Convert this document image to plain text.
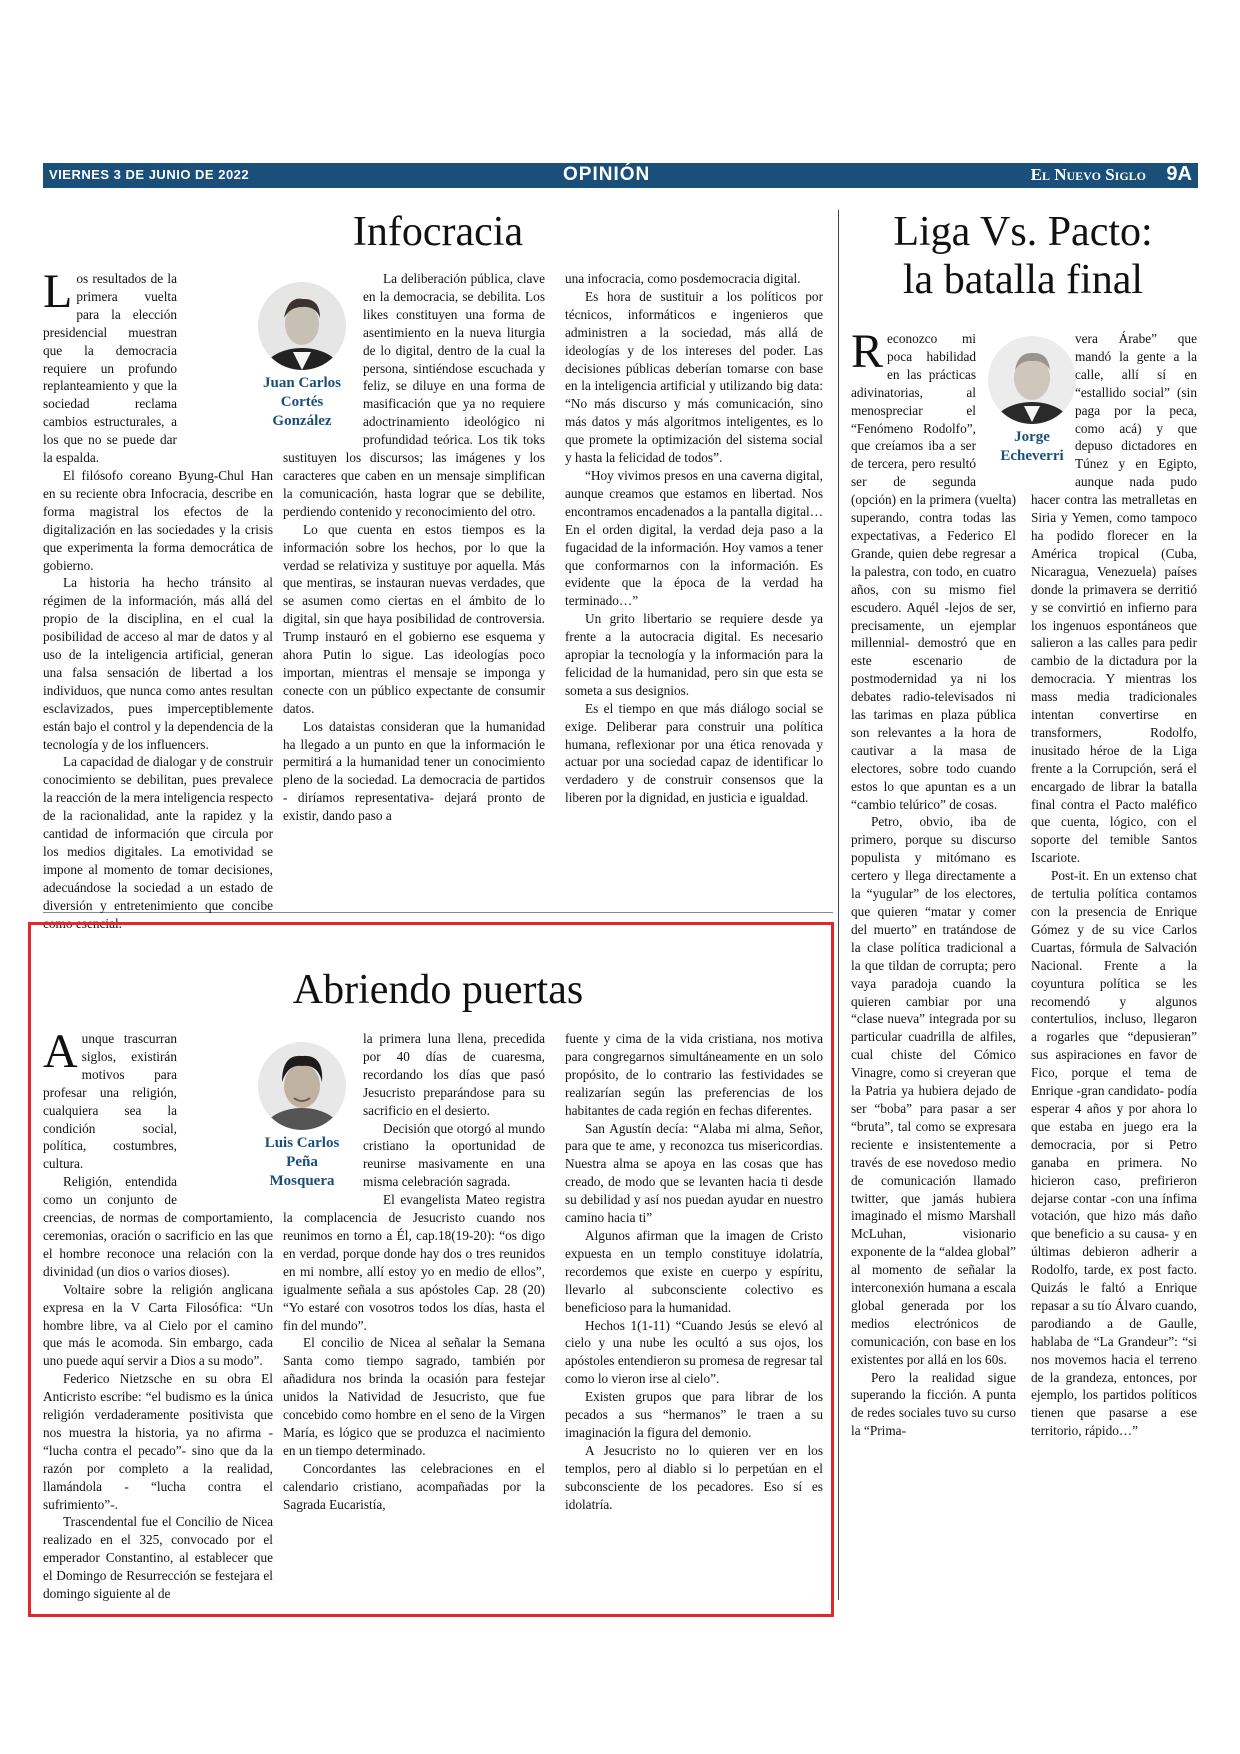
VIERNES 3 DE JUNIO DE 2022	OPINIÓN	El Nuevo Siglo 9A
Infocracia
Juan Carlos
Cortés
González

Los resultados de la primera vuelta para la elección presidencial muestran que la democracia requiere un profundo replanteamiento y que la sociedad reclama cambios estructurales, a los que no se puede dar la espalda.

El filósofo coreano Byung-Chul Han en su reciente obra Infocracia, describe en forma magistral los efectos de la digitalización en las sociedades y la crisis que experimenta la forma democrática de gobierno.

La historia ha hecho tránsito al régimen de la información, más allá del propio de la disciplina, en el cual la posibilidad de acceso al mar de datos y al uso de la inteligencia artificial, generan una falsa sensación de libertad a los individuos, que nunca como antes resultan esclavizados, pues imperceptiblemente están bajo el control y la dependencia de la tecnología y de los influencers.

La capacidad de dialogar y de construir conocimiento se debilitan, pues prevalece la reacción de la mera inteligencia respecto de la racionalidad, ante la rapidez y la cantidad de información que circula por los medios digitales. La emotividad se impone al momento de tomar decisiones, adecuándose la sociedad a un estado de diversión y entretenimiento que concibe como esencial.

La deliberación pública, clave en la democracia, se debilita. Los likes constituyen una forma de asentimiento en la nueva liturgia de lo digital, dentro de la cual la persona, sintiéndose escuchada y feliz, se diluye en una forma de masificación que ya no requiere adoctrinamiento ideológico ni profundidad teórica. Los tik toks sustituyen los discursos; las imágenes y los caracteres que caben en un mensaje simplifican la comunicación, hasta lograr que se debilite, perdiendo contenido y reconocimiento del otro.

Lo que cuenta en estos tiempos es la información sobre los hechos, por lo que la verdad se relativiza y sustituye por aquella. Más que mentiras, se instauran nuevas verdades, que se asumen como ciertas en el ámbito de lo digital, sin que haya posibilidad de controversia. Trump instauró en el gobierno ese esquema y ahora Putin lo sigue. Las ideologías poco importan, mientras el mensaje se imponga y conecte con un público expectante de consumir datos.

Los dataistas consideran que la humanidad ha llegado a un punto en que la información le permitirá a la humanidad tener un conocimiento pleno de la sociedad. La democracia de partidos - diríamos representativa- dejará pronto de existir, dando paso a

una infocracia, como posdemocracia digital.

Es hora de sustituir a los políticos por técnicos, informáticos e ingenieros que administren a la sociedad, más allá de ideologías y de los intereses del poder. Las decisiones públicas deberían tomarse con base en la inteligencia artificial y utilizando big data: “No más discurso y más comunicación, sino más datos y más algoritmos inteligentes, es lo que promete la optimización del sistema social y hasta la felicidad de todos”.

“Hoy vivimos presos en una caverna digital, aunque creamos que estamos en libertad. Nos encontramos encadenados a la pantalla digital…En el orden digital, la verdad deja paso a la fugacidad de la información. Hoy vamos a tener que conformarnos con la información. Es evidente que la época de la verdad ha terminado…”

Un grito libertario se requiere desde ya frente a la autocracia digital. Es necesario apropiar la tecnología y la información para la felicidad de la humanidad, pero sin que esta se someta a sus designios.

Es el tiempo en que más diálogo social se exige. Deliberar para construir una política humana, reflexionar por una ética renovada y actuar por una sociedad capaz de identificar lo verdadero y de construir consensos que la liberen por la dignidad, en justicia e igualdad.

Abriendo puertas
Luis Carlos
Peña
Mosquera

Aunque trascurran siglos, existirán motivos para profesar una religión, cualquiera sea la condición social, política, costumbres, cultura.

Religión, entendida como un conjunto de creencias, de normas de comportamiento, ceremonias, oración o sacrificio en las que el hombre reconoce una relación con la divinidad (un dios o varios dioses).

Voltaire sobre la religión anglicana expresa en la V Carta Filosófica: “Un hombre libre, va al Cielo por el camino que más le acomoda. Sin embargo, cada uno puede aquí servir a Dios a su modo”.

Federico Nietzsche en su obra El Anticristo escribe: “el budismo es la única religión verdaderamente positivista que nos muestra la historia, ya no afirma - “lucha contra el pecado”- sino que da la razón por completo a la realidad, llamándola - “lucha contra el sufrimiento”-.

Trascendental fue el Concilio de Nicea realizado en el 325, convocado por el emperador Constantino, al establecer que el Domingo de Resurrección se festejara el domingo siguiente al de

la primera luna llena, precedida por 40 días de cuaresma, recordando los días que pasó Jesucristo preparándose para su sacrificio en el desierto.

Decisión que otorgó al mundo cristiano la oportunidad de reunirse masivamente en una misma celebración sagrada.

El evangelista Mateo registra la complacencia de Jesucristo cuando nos reunimos en torno a Él, cap.18(19-20): “os digo en verdad, porque donde hay dos o tres reunidos en mi nombre, allí estoy yo en medio de ellos”, igualmente señala a sus apóstoles Cap. 28 (20) “Yo estaré con vosotros todos los días, hasta el fin del mundo”.

El concilio de Nicea al señalar la Semana Santa como tiempo sagrado, también por añadidura nos brinda la ocasión para festejar unidos la Natividad de Jesucristo, que fue concebido como hombre en el seno de la Virgen María, es lógico que se produzca el nacimiento en un tiempo determinado.

Concordantes las celebraciones en el calendario cristiano, acompañadas por la Sagrada Eucaristía,

fuente y cima de la vida cristiana, nos motiva para congregarnos simultáneamente en un solo propósito, de lo contrario las festividades se realizarían según las preferencias de los habitantes de cada región en fechas diferentes.

San Agustín decía: “Alaba mi alma, Señor, para que te ame, y reconozca tus misericordias. Nuestra alma se apoya en las cosas que has creado, de modo que se levanten hacia ti desde su debilidad y así nos puedan ayudar en nuestro camino hacia ti”

Algunos afirman que la imagen de Cristo expuesta en un templo constituye idolatría, recordemos que existe en cuerpo y espíritu, llevarlo al subconsciente colectivo es beneficioso para la humanidad.

Hechos 1(1-11) “Cuando Jesús se elevó al cielo y una nube les ocultó a sus ojos, los apóstoles entendieron su promesa de regresar tal como lo vieron irse al cielo”.

Existen grupos que para librar de los pecados a sus “hermanos” le traen a su imaginación la figura del demonio.

A Jesucristo no lo quieren ver en los templos, pero al diablo si lo perpetúan en el subconsciente de los pecadores. Eso sí es idolatría.

Liga Vs. Pacto:
la batalla final
Jorge
Echeverri

Reconozco mi poca habilidad en las prácticas adivinatorias, al menospreciar el “Fenómeno Rodolfo”, que creíamos iba a ser de tercera, pero resultó ser de segunda (opción) en la primera (vuelta) superando, contra todas las expectativas, a Federico El Grande, quien debe regresar a la palestra, con todo, en cuatro años, con su mismo fiel escudero. Aquél -lejos de ser, precisamente, un ejemplar millennial- demostró que en este escenario de postmodernidad ya ni los debates radio-televisados ni las tarimas en plaza pública son relevantes a la hora de cautivar a la masa de electores, sobre todo cuando estos lo que apuntan es a un “cambio telúrico” de cosas.

Petro, obvio, iba de primero, porque su discurso populista y mitómano es certero y llega directamente a la “yugular” de los electores, que quieren “matar y comer del muerto” en tratándose de la clase política tradicional a la que tildan de corrupta; pero vaya paradoja cuando la quieren cambiar por una “clase nueva” integrada por su particular cuadrilla de alfiles, cual chiste del Cómico Vinagre, como si creyeran que la Patria ya hubiera dejado de ser “boba” para pasar a ser “bruta”, tal como se expresara reciente e insistentemente a través de ese novedoso medio de comunicación llamado twitter, que jamás hubiera imaginado el mismo Marshall McLuhan, visionario exponente de la “aldea global” al momento de señalar la interconexión humana a escala global generada por los medios electrónicos de comunicación, con base en los existentes por allá en los 60s.

Pero la realidad sigue superando la ficción. A punta de redes sociales tuvo su curso la “Prima-

vera Árabe” que mandó la gente a la calle, allí sí en “estallido social” (sin paga por la peca, como acá) y que depuso dictadores en Túnez y en Egipto, aunque nada pudo hacer contra las metralletas en Siria y Yemen, como tampoco ha podido florecer en la América tropical (Cuba, Nicaragua, Venezuela) países donde la primavera se derritió y se convirtió en infierno para los ingenuos espontáneos que salieron a las calles para pedir cambio de la dictadura por la democracia. Y mientras los mass media tradicionales intentan convertirse en transformers, Rodolfo, inusitado héroe de la Liga frente a la Corrupción, será el encargado de librar la batalla final contra el Pacto maléfico que cuenta, lógico, con el soporte del temible Santos Iscariote.

Post-it. En un extenso chat de tertulia política contamos con la presencia de Enrique Gómez y de su vice Carlos Cuartas, fórmula de Salvación Nacional. Frente a la coyuntura política se les recomendó y algunos contertulios, incluso, llegaron a rogarles que “depusieran” sus aspiraciones en favor de Fico, porque el tema de Enrique -gran candidato- podía esperar 4 años y por ahora lo que estaba en juego era la democracia, por si Petro ganaba en primera. No hicieron caso, prefirieron dejarse contar -con una ínfima votación, que hizo más daño que beneficio a su causa- y en últimas debieron adherir a Rodolfo, tarde, ex post facto. Quizás le faltó a Enrique repasar a su tío Álvaro cuando, parodiando a de Gaulle, hablaba de “La Grandeur”: “si nos movemos hacia el terreno de la grandeza, entonces, por ejemplo, los partidos políticos tienen que pasarse a ese territorio, rápido…”
